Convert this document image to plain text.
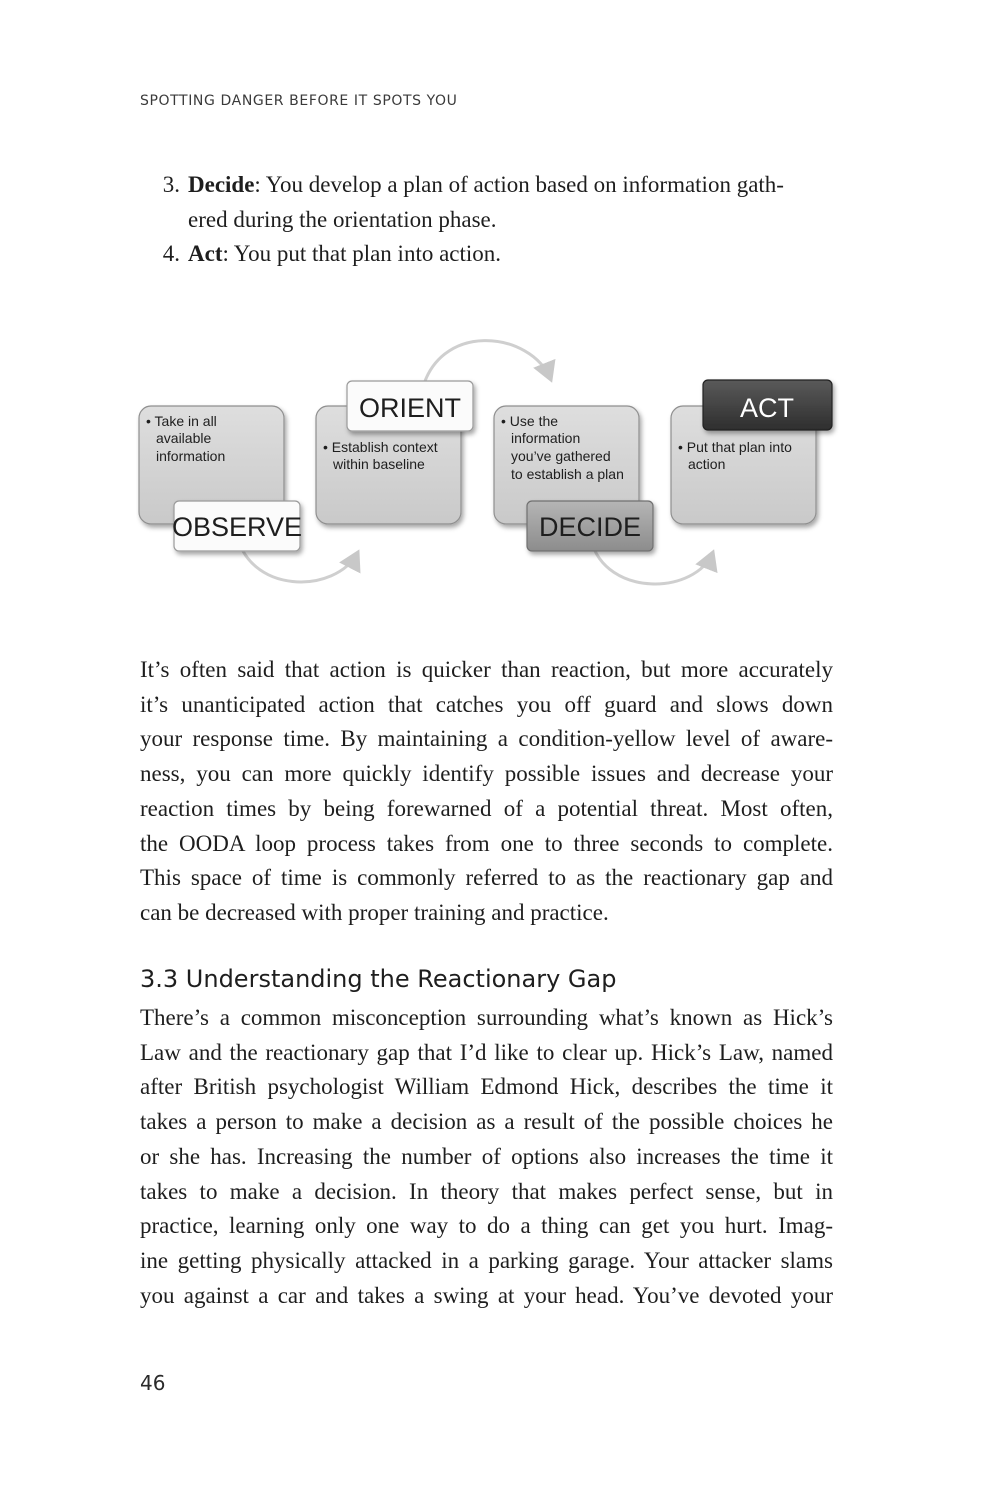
SPOTTING DANGER BEFORE IT SPOTS YOU
3. Decide: You develop a plan of action based on information gath-
ered during the orientation phase.
4. Act: You put that plan into action.
• Take in all
available
information
OBSERVE
• Establish context
within baseline
ORIENT	• Use the
information
you’ve gathered
to establish a plan
DECIDE
• Put that plan into
action
ACT
It’s often said that action is quicker than reaction, but more accurately
it’s unanticipated action that catches you off guard and slows down
your response time. By maintaining a condition-yellow level of aware-
ness, you can more quickly identify possible issues and decrease your
reaction times by being forewarned of a potential threat. Most often,
the OODA loop process takes from one to three seconds to complete.
This space of time is commonly referred to as the reactionary gap and
can be decreased with proper training and practice.
3.3 Understanding the Reactionary Gap
There’s a common misconception surrounding what’s known as Hick’s
Law and the reactionary gap that I’d like to clear up. Hick’s Law, named
after British psychologist William Edmond Hick, describes the time it
takes a person to make a decision as a result of the possible choices he
or she has. Increasing the number of options also increases the time it
takes to make a decision. In theory that makes perfect sense, but in
practice, learning only one way to do a thing can get you hurt. Imag-
ine getting physically attacked in a parking garage. Your attacker slams
you against a car and takes a swing at your head. You’ve devoted your
46
